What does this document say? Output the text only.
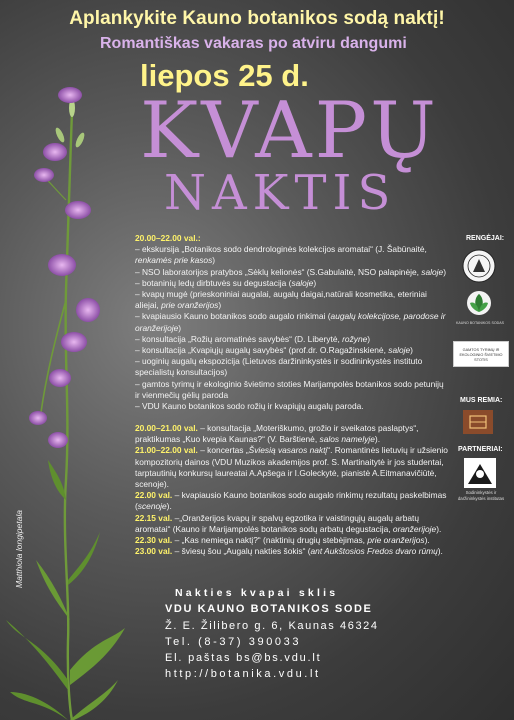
Aplankykite Kauno botanikos sodą naktį!
Romantiškas vakaras po atviru dangumi
liepos 25 d.
KVAPŲ
NAKTIS
Matthiola longipetala

20.00–22.00 val.:

– ekskursija „Botanikos sodo dendrologinės kolekcijos aromatai“ (J. Šabūnaitė, renkamės prie kasos)

– NSO laboratorijos pratybos „Sėklų kelionės“ (S.Gabulaitė, NSO palapinėje, saloje)

– botaninių ledų dirbtuvės su degustacija (saloje)

– kvapų mugė (prieskoniniai augalai, augalų daigai,natūrali kosmetika, eteriniai aliejai, prie oranžerijos)

– kvapiausio Kauno botanikos sodo augalo rinkimai (augalų kolekcijose, parodose ir oranžerijoje)

– konsultacija „Rožių aromatinės savybės“ (D. Liberytė, rožyne)

– konsultacija „Kvapiųjų augalų savybės“ (prof.dr. O.Ragažinskienė, saloje)

– uoginių augalų ekspozicija (Lietuvos daržininkystės ir sodininkystės instituto specialistų konsultacijos)

– gamtos tyrimų ir ekologinio švietimo stoties Marijampolės botanikos sodo petunijų ir vienmečių gėlių paroda

– VDU Kauno botanikos sodo rožių ir kvapiųjų augalų paroda.

20.00–21.00 val. – konsultacija „Moteriškumo, grožio ir sveikatos paslaptys“, praktikumas „Kuo kvepia Kaunas?“ (V. Barštienė, salos namelyje).

21.00–22.00 val. – koncertas „Šviesią vasaros naktį“. Romantinės lietuvių ir užsienio kompozitorių dainos (VDU Muzikos akademijos prof. S. Martinaitytė ir jos studentai, tarptautinių konkursų laureatai A.Apšega ir I.Goleckytė, pianistė A.Eitmanavičiūtė, scenoje).

22.00 val. – kvapiausio Kauno botanikos sodo augalo rinkimų rezultatų paskelbimas (scenoje).

22.15 val. –„Oranžerijos kvapų ir spalvų egzotika ir vaistingųjų augalų arbatų aromatai“ (Kauno ir Marijampolės botanikos sodų arbatų degustacija, oranžerijoje).

22.30 val. – „Kas nemiega naktį?“ (naktinių drugių stebėjimas, prie oranžerijos).

23.00 val. – šviesų šou „Augalų nakties šokis“ (ant Aukštosios Fredos dvaro rūmų).

RENGĖJAI:
KAUNO BOTANIKOS SODAS
GAMTOS TYRIMŲ IR EKOLOGINIO ŠVIETIMO STOTIS
MUS REMIA:
PARTNERIAI:
Sodininkystės ir daržininkystės institutas
Nakties kvapai sklis
VDU KAUNO BOTANIKOS SODE
Ž. E. Žilibero g. 6, Kaunas 46324
Tel. (8-37) 390033
El. paštas bs@bs.vdu.lt
http://botanika.vdu.lt
